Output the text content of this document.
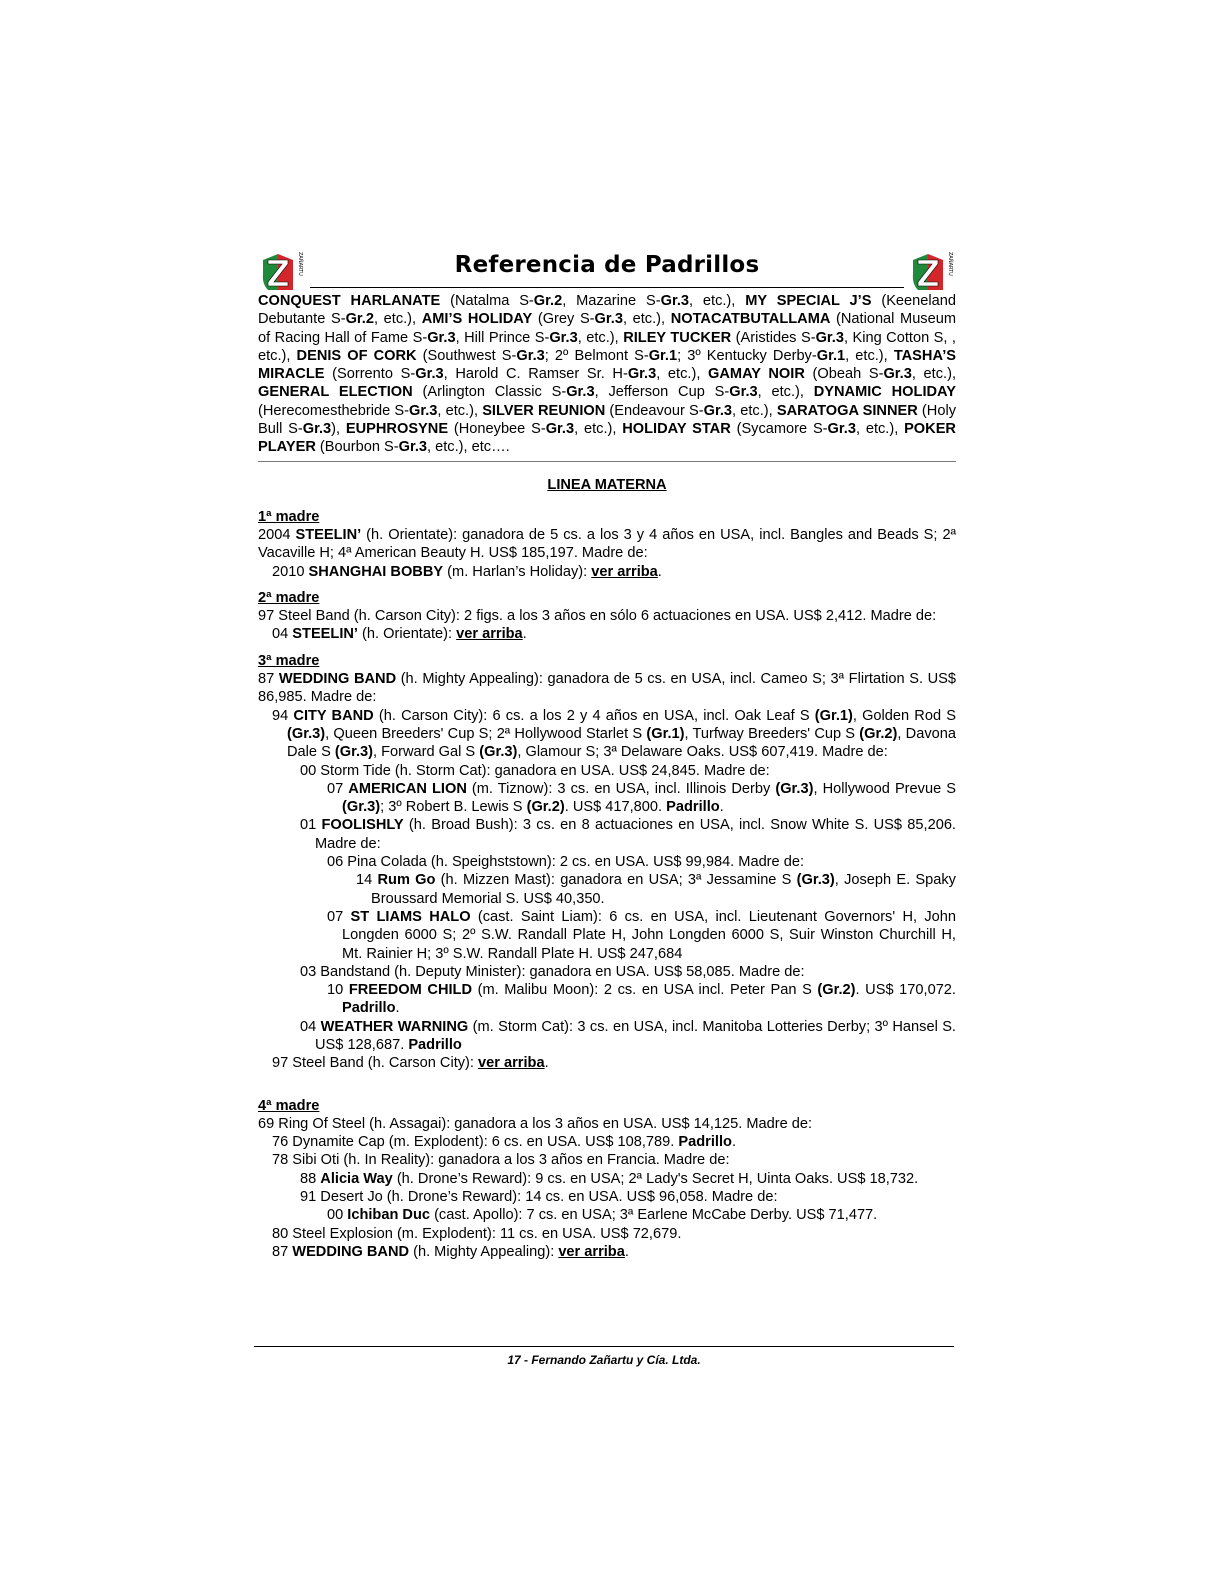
ZAÑARTU	Referencia de Padrillos	ZAÑARTU
CONQUEST HARLANATE (Natalma S-Gr.2, Mazarine S-Gr.3, etc.), MY SPECIAL J’S (Keeneland Debutante S-Gr.2, etc.), AMI’S HOLIDAY (Grey S-Gr.3, etc.), NOTACATBUTALLAMA (National Museum of Racing Hall of Fame S-Gr.3, Hill Prince S-Gr.3, etc.), RILEY TUCKER (Aristides S-Gr.3, King Cotton S, , etc.), DENIS OF CORK (Southwest S-Gr.3; 2º Belmont S-Gr.1; 3º Kentucky Derby-Gr.1, etc.), TASHA’S MIRACLE (Sorrento S-Gr.3, Harold C. Ramser Sr. H-Gr.3, etc.), GAMAY NOIR (Obeah S-Gr.3, etc.), GENERAL ELECTION (Arlington Classic S-Gr.3, Jefferson Cup S-Gr.3, etc.), DYNAMIC HOLIDAY (Herecomesthebride S-Gr.3, etc.), SILVER REUNION (Endeavour S-Gr.3, etc.), SARATOGA SINNER (Holy Bull S-Gr.3), EUPHROSYNE (Honeybee S-Gr.3, etc.), HOLIDAY STAR (Sycamore S-Gr.3, etc.), POKER PLAYER (Bourbon S-Gr.3, etc.), etc….
LINEA MATERNA
1ª madre
2004 STEELIN’ (h. Orientate): ganadora de 5 cs. a los 3 y 4 años en USA, incl. Bangles and Beads S; 2ª Vacaville H; 4ª American Beauty H. US$ 185,197. Madre de:
2010 SHANGHAI BOBBY (m. Harlan’s Holiday): ver arriba.
2ª madre
97 Steel Band (h. Carson City): 2 figs. a los 3 años en sólo 6 actuaciones en USA. US$ 2,412. Madre de:
04 STEELIN’ (h. Orientate): ver arriba.
3ª madre
87 WEDDING BAND (h. Mighty Appealing): ganadora de 5 cs. en USA, incl. Cameo S; 3ª Flirtation S. US$ 86,985. Madre de:
94 CITY BAND (h. Carson City): 6 cs. a los 2 y 4 años en USA, incl. Oak Leaf S (Gr.1), Golden Rod S (Gr.3), Queen Breeders' Cup S; 2ª Hollywood Starlet S (Gr.1), Turfway Breeders' Cup S (Gr.2), Davona Dale S (Gr.3), Forward Gal S (Gr.3), Glamour S; 3ª Delaware Oaks. US$ 607,419. Madre de:
00 Storm Tide (h. Storm Cat): ganadora en USA. US$ 24,845. Madre de:
07 AMERICAN LION (m. Tiznow): 3 cs. en USA, incl. Illinois Derby (Gr.3), Hollywood Prevue S (Gr.3); 3º Robert B. Lewis S (Gr.2). US$ 417,800. Padrillo.
01 FOOLISHLY (h. Broad Bush): 3 cs. en 8 actuaciones en USA, incl. Snow White S. US$ 85,206. Madre de:
06 Pina Colada (h. Speighststown): 2 cs. en USA. US$ 99,984. Madre de:
14 Rum Go (h. Mizzen Mast): ganadora en USA; 3ª Jessamine S (Gr.3), Joseph E. Spaky Broussard Memorial S. US$ 40,350.
07 ST LIAMS HALO (cast. Saint Liam): 6 cs. en USA, incl. Lieutenant Governors' H, John Longden 6000 S; 2º S.W. Randall Plate H, John Longden 6000 S, Suir Winston Churchill H, Mt. Rainier H; 3º S.W. Randall Plate H. US$ 247,684
03 Bandstand (h. Deputy Minister): ganadora en USA. US$ 58,085. Madre de:
10 FREEDOM CHILD (m. Malibu Moon): 2 cs. en USA incl. Peter Pan S (Gr.2). US$ 170,072. Padrillo.
04 WEATHER WARNING (m. Storm Cat): 3 cs. en USA, incl. Manitoba Lotteries Derby; 3º Hansel S. US$ 128,687. Padrillo
97 Steel Band (h. Carson City): ver arriba.
4ª madre
69 Ring Of Steel (h. Assagai): ganadora a los 3 años en USA. US$ 14,125. Madre de:
76 Dynamite Cap (m. Explodent): 6 cs. en USA. US$ 108,789. Padrillo.
78 Sibi Oti (h. In Reality): ganadora a los 3 años en Francia. Madre de:
88 Alicia Way (h. Drone’s Reward): 9 cs. en USA; 2ª Lady's Secret H, Uinta Oaks. US$ 18,732.
91 Desert Jo (h. Drone’s Reward): 14 cs. en USA. US$ 96,058. Madre de:
00 Ichiban Duc (cast. Apollo): 7 cs. en USA; 3ª Earlene McCabe Derby. US$ 71,477.
80 Steel Explosion (m. Explodent): 11 cs. en USA. US$ 72,679.
87 WEDDING BAND (h. Mighty Appealing): ver arriba.
17 - Fernando Zañartu y Cía. Ltda.
